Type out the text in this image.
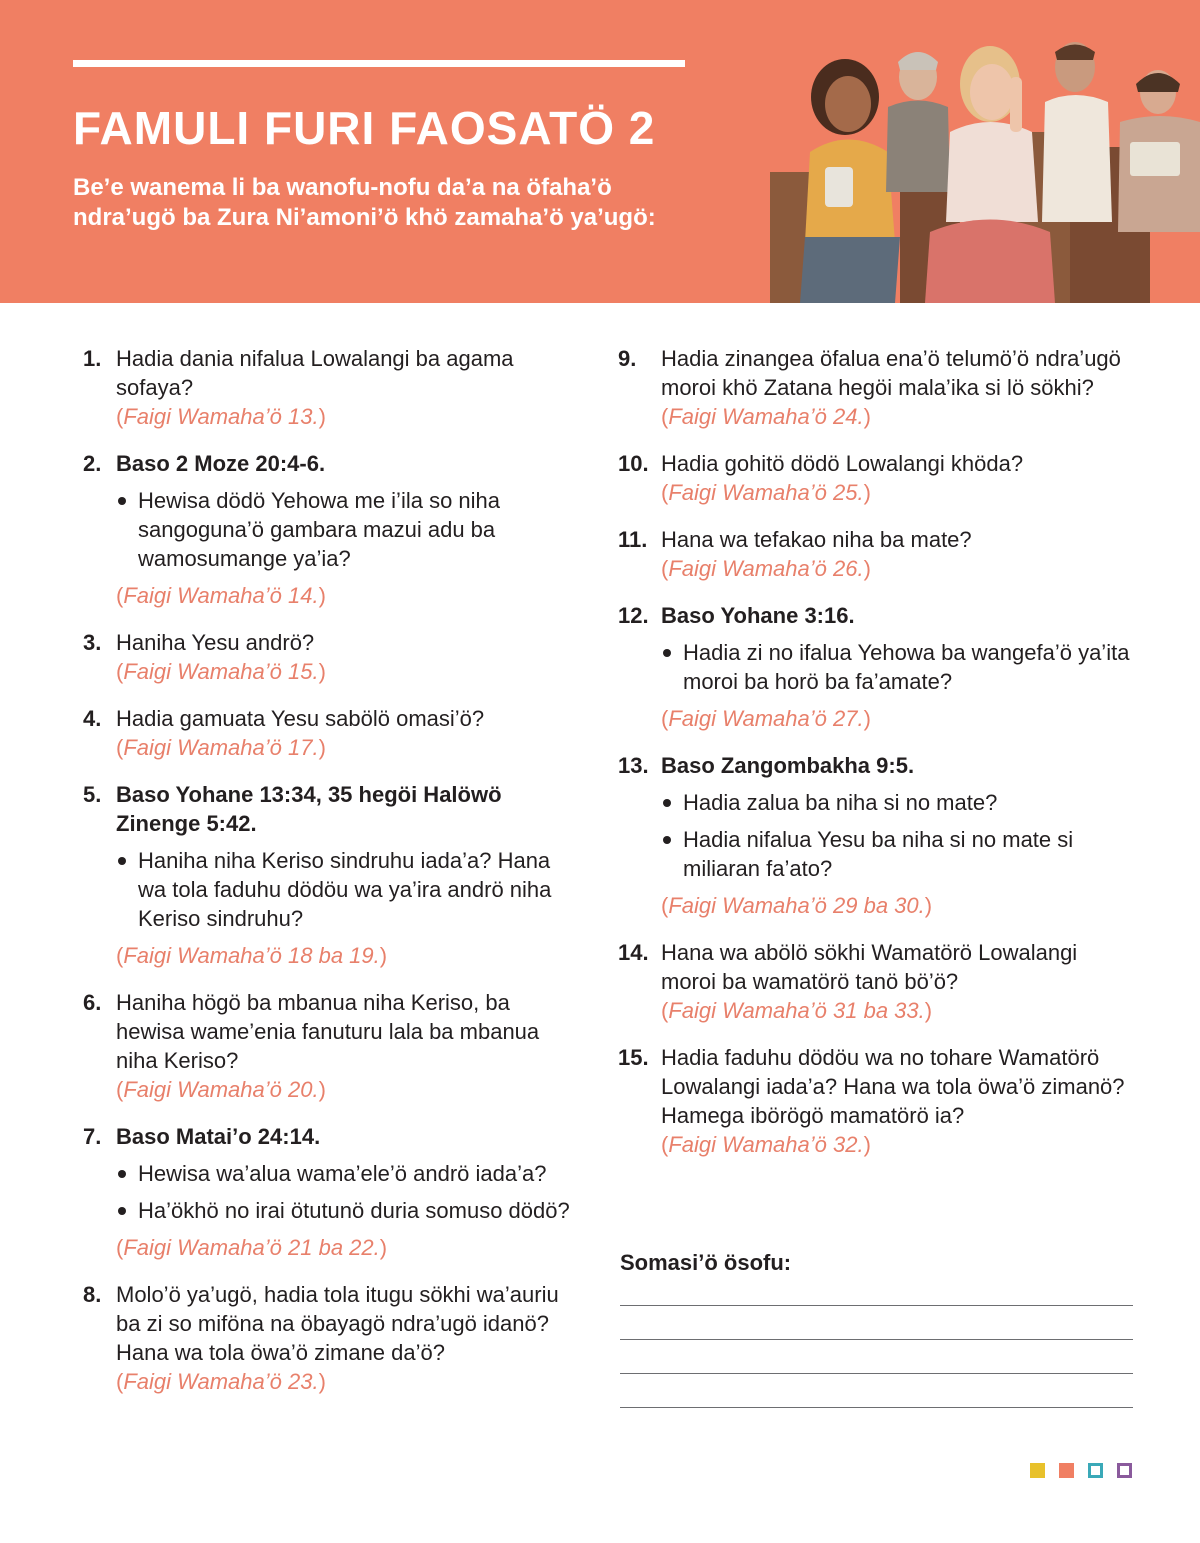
FAMULI FURI FAOSATÖ 2
Be’e wanema li ba wanofu-nofu da’a na öfaha’ö ndra’ugö ba Zura Ni’amoni’ö khö zamaha’ö ya’ugö:
1. Hadia dania nifalua Lowalangi ba agama sofaya?
(Faigi Wamaha’ö 13.)
2. Baso 2 Moze 20:4-6.
Hewisa dödö Yehowa me i’ila so niha sangoguna’ö gambara mazui adu ba wamosumange ya’ia?
(Faigi Wamaha’ö 14.)
3. Haniha Yesu andrö?
(Faigi Wamaha’ö 15.)
4. Hadia gamuata Yesu sabölö omasi’ö?
(Faigi Wamaha’ö 17.)
5. Baso Yohane 13:34, 35 hegöi Halöwö Zinenge 5:42.
Haniha niha Keriso sindruhu iada’a? Hana wa tola faduhu dödöu wa ya’ira andrö niha Keriso sindruhu?
(Faigi Wamaha’ö 18 ba 19.)
6. Haniha högö ba mbanua niha Keriso, ba hewisa wame’enia fanuturu lala ba mbanua niha Keriso?
(Faigi Wamaha’ö 20.)
7. Baso Matai’o 24:14.
Hewisa wa’alua wama’ele’ö andrö iada’a?
Ha’ökhö no irai ötutunö duria somuso dödö?
(Faigi Wamaha’ö 21 ba 22.)
8. Molo’ö ya’ugö, hadia tola itugu sökhi wa’auriu ba zi so miföna na öbayagö ndra’ugö idanö? Hana wa tola öwa’ö zimane da’ö?
(Faigi Wamaha’ö 23.)
9. Hadia zinangea öfalua ena’ö telumö’ö ndra’ugö moroi khö Zatana hegöi mala’ika si lö sökhi?
(Faigi Wamaha’ö 24.)
10. Hadia gohitö dödö Lowalangi khöda?
(Faigi Wamaha’ö 25.)
11. Hana wa tefakao niha ba mate?
(Faigi Wamaha’ö 26.)
12. Baso Yohane 3:16.
Hadia zi no ifalua Yehowa ba wangefa’ö ya’ita moroi ba horö ba fa’amate?
(Faigi Wamaha’ö 27.)
13. Baso Zangombakha 9:5.
Hadia zalua ba niha si no mate?
Hadia nifalua Yesu ba niha si no mate si miliaran fa’ato?
(Faigi Wamaha’ö 29 ba 30.)
14. Hana wa abölö sökhi Wamatörö Lowalangi moroi ba wamatörö tanö bö’ö?
(Faigi Wamaha’ö 31 ba 33.)
15. Hadia faduhu dödöu wa no tohare Wamatörö Lowalangi iada’a? Hana wa tola öwa’ö zimanö? Hamega ibörögö mamatörö ia?
(Faigi Wamaha’ö 32.)
Somasi’ö ösofu:
